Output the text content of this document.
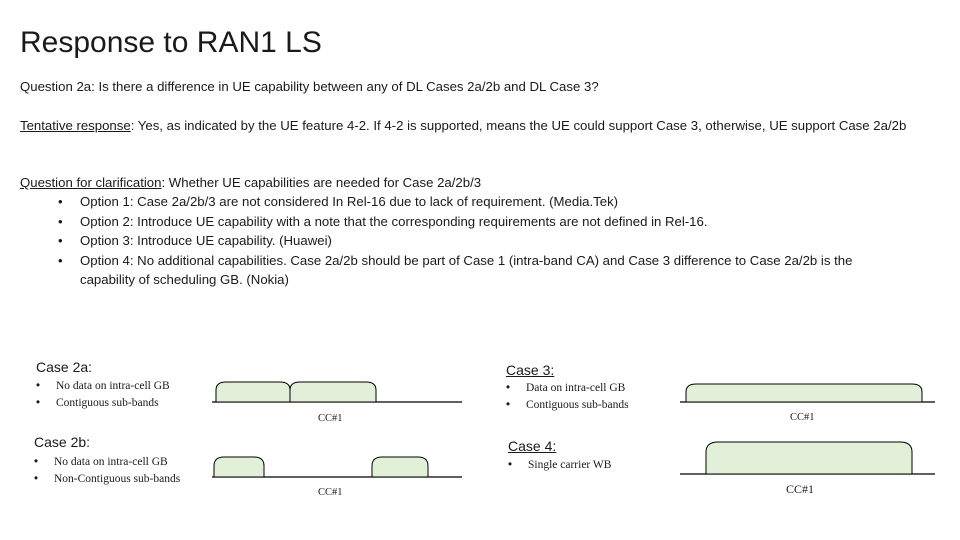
Response to RAN1 LS
Question 2a: Is there a difference in UE capability between any of DL Cases 2a/2b and DL Case 3?
Tentative response: Yes, as indicated by the UE feature 4-2. If 4-2 is supported, means the UE could support Case 3, otherwise, UE support Case 2a/2b
Question for clarification: Whether UE capabilities are needed for Case 2a/2b/3
• Option 1: Case 2a/2b/3 are not considered In Rel-16 due to lack of requirement. (Media.Tek)
• Option 2: Introduce UE capability with a note that the corresponding requirements are not defined in Rel-16.
• Option 3: Introduce UE capability. (Huawei)
• Option 4: No additional capabilities. Case 2a/2b should be part of Case 1 (intra-band CA) and Case 3 difference to Case 2a/2b is the capability of scheduling GB. (Nokia)
Case 2a:
• No data on intra-cell GB
• Contiguous sub-bands
CC#1
Case 2b:
• No data on intra-cell GB
• Non-Contiguous sub-bands
CC#1
Case 3:
• Data on intra-cell GB
• Contiguous sub-bands
CC#1
Case 4:
• Single carrier WB
CC#1
